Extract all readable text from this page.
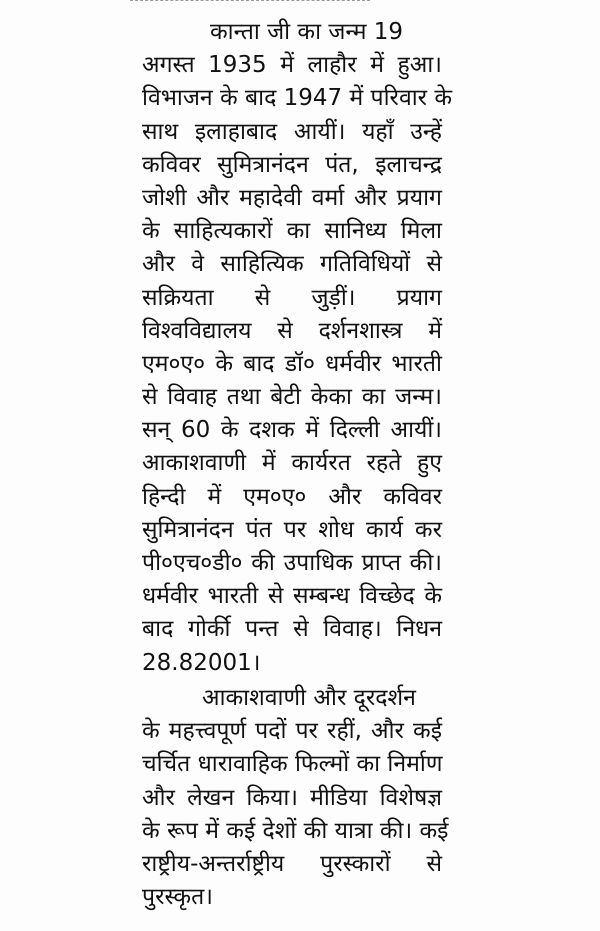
कान्ता जी का जन्म 19
अगस्त 1935 में लाहौर में हुआ।
विभाजन के बाद 1947 में परिवार के
साथ इलाहाबाद आयीं। यहाँ उन्हें
कविवर सुमित्रानंदन पंत, इलाचन्द्र
जोशी और महादेवी वर्मा और प्रयाग
के साहित्यकारों का सानिध्य मिला
और वे साहित्यिक गतिविधियों से
सक्रियता से जुड़ीं। प्रयाग
विश्वविद्यालय से दर्शनशास्त्र में
एम०ए० के बाद डॉ० धर्मवीर भारती
से विवाह तथा बेटी केका का जन्म।
सन् 60 के दशक में दिल्ली आयीं।
आकाशवाणी में कार्यरत रहते हुए
हिन्दी में एम०ए० और कविवर
सुमित्रानंदन पंत पर शोध कार्य कर
पी०एच०डी० की उपाधिक प्राप्त की।
धर्मवीर भारती से सम्बन्ध विच्छेद के
बाद गोर्की पन्त से विवाह। निधन
28.82001।
आकाशवाणी और दूरदर्शन
के महत्त्वपूर्ण पदों पर रहीं, और कई
चर्चित धारावाहिक फिल्मों का निर्माण
और लेखन किया। मीडिया विशेषज्ञ
के रूप में कई देशों की यात्रा की। कई
राष्ट्रीय-अन्तर्राष्ट्रीय पुरस्कारों से
पुरस्कृत।
